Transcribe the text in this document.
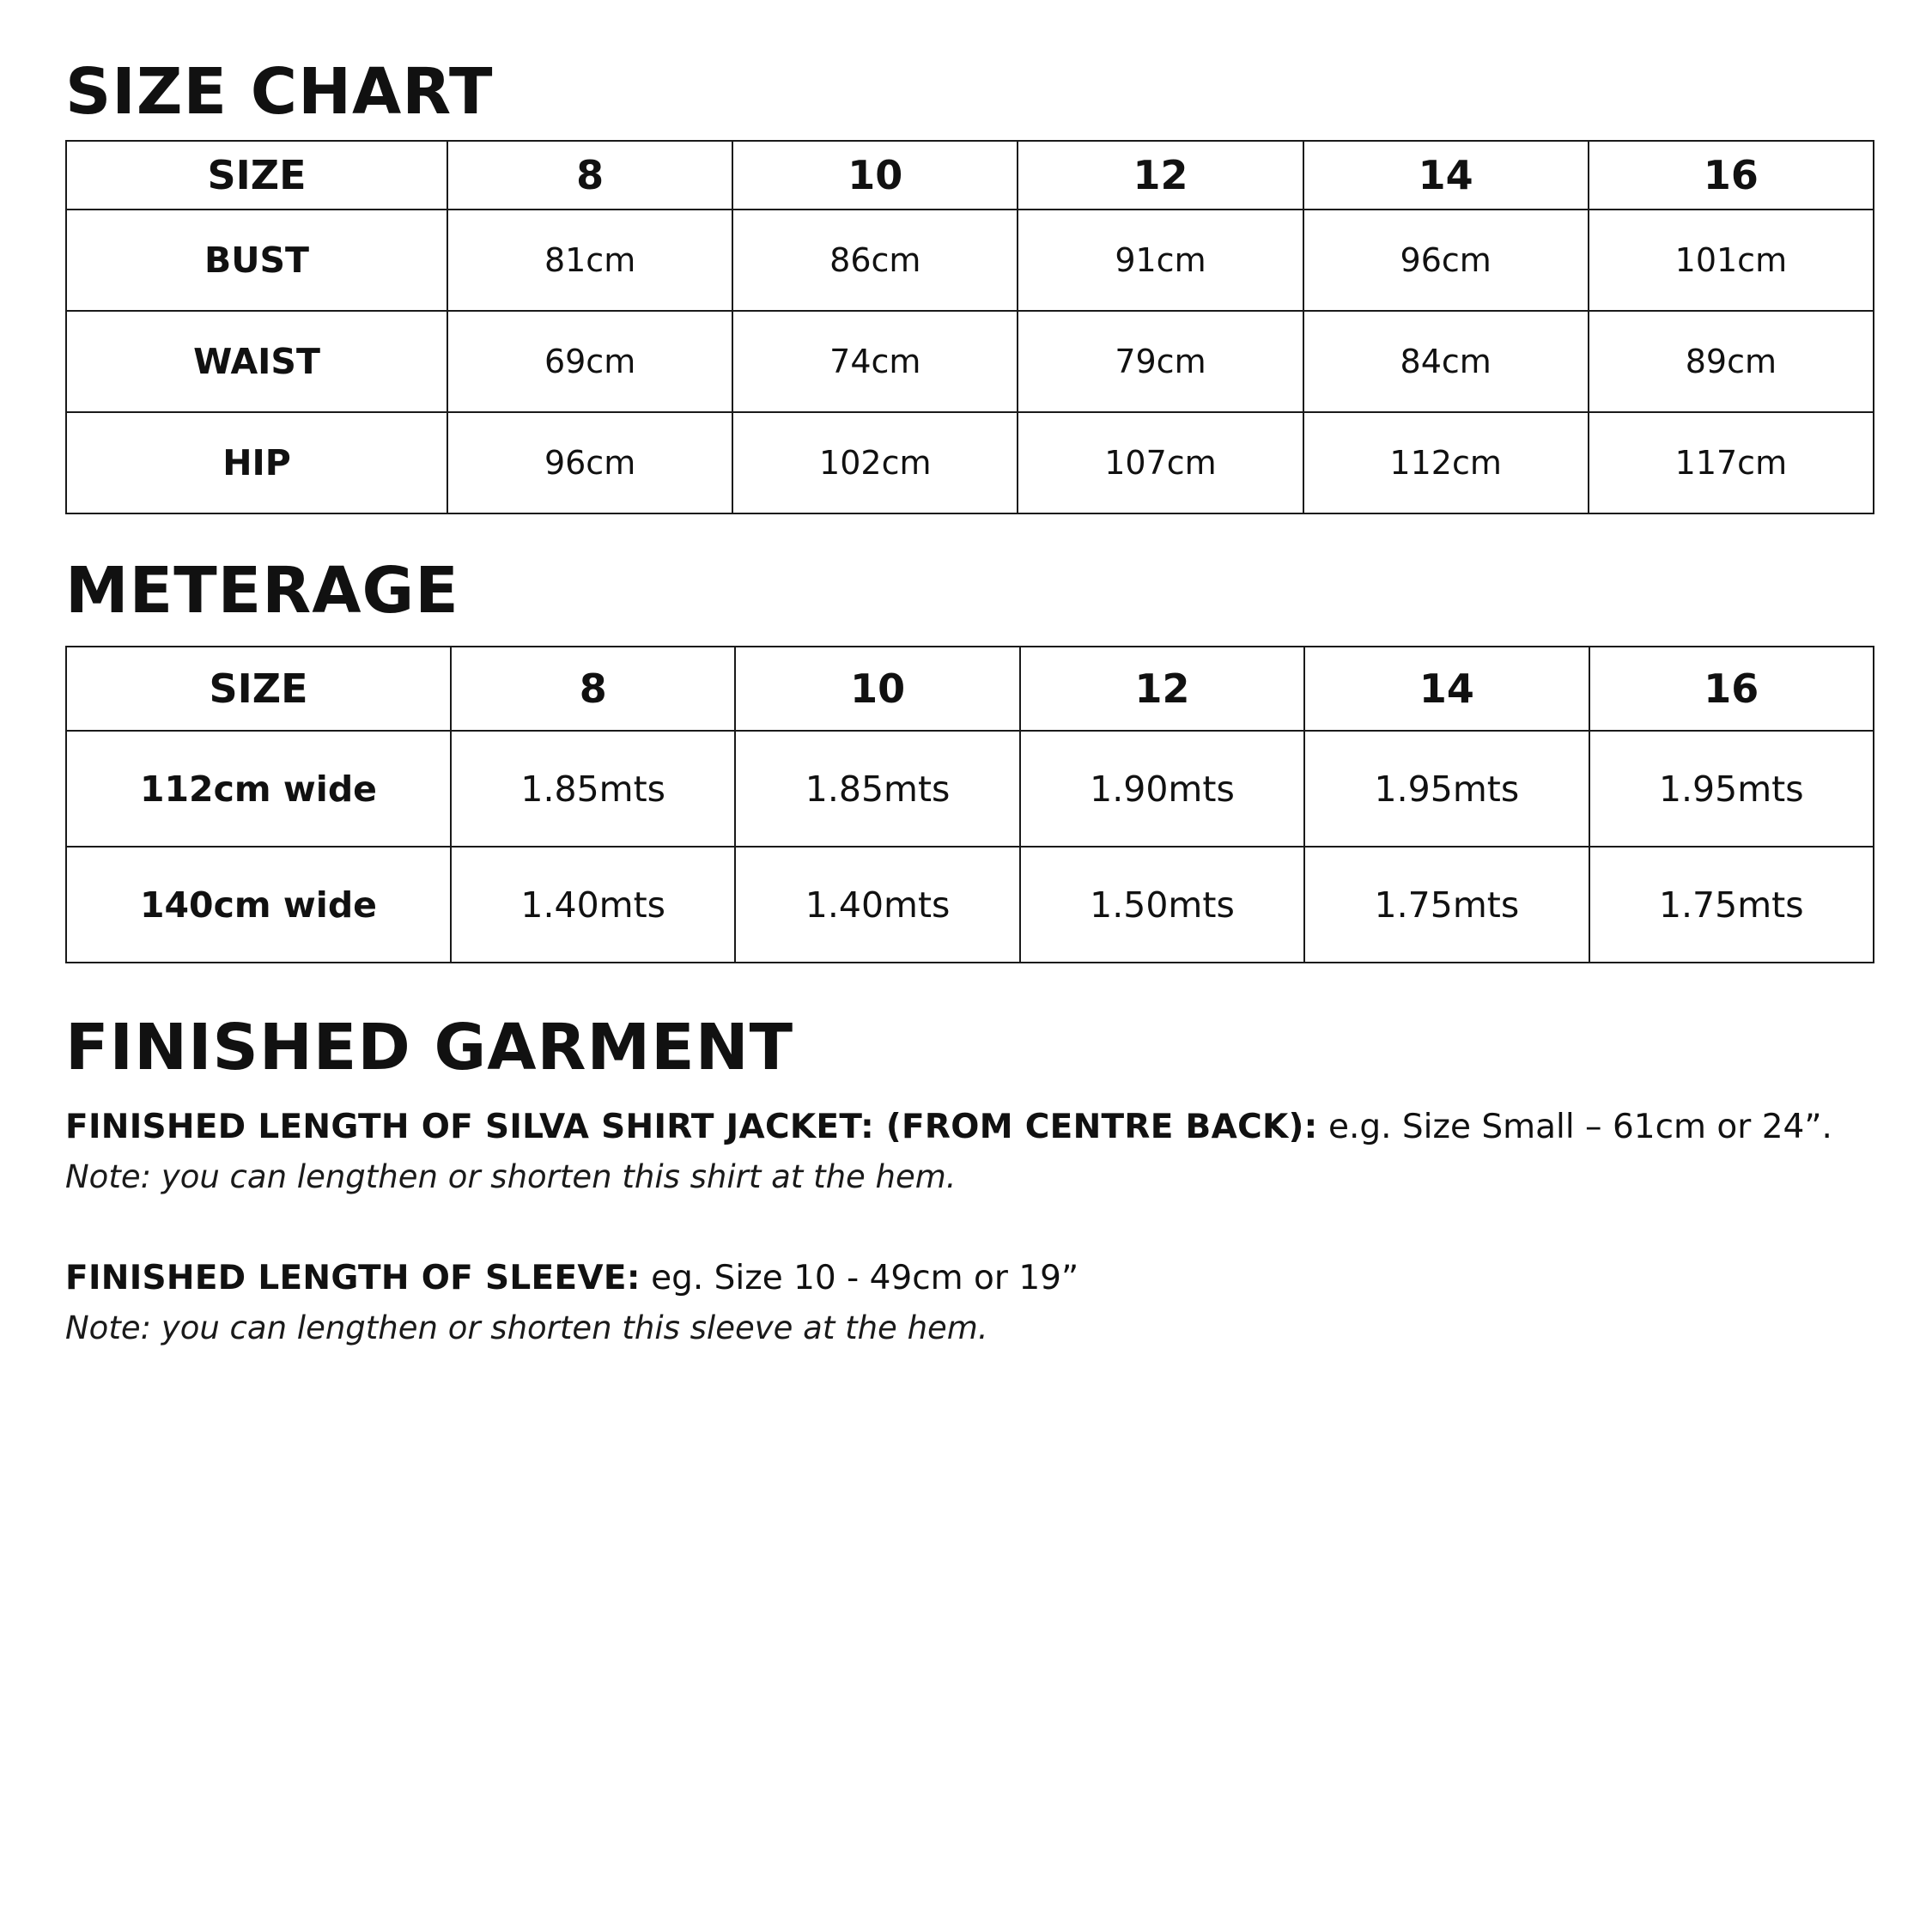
SIZE CHART
SIZE	8	10	12	14	16
BUST	81cm	86cm	91cm	96cm	101cm
WAIST	69cm	74cm	79cm	84cm	89cm
HIP	96cm	102cm	107cm	112cm	117cm
METERAGE
SIZE	8	10	12	14	16
112cm wide	1.85mts	1.85mts	1.90mts	1.95mts	1.95mts
140cm wide	1.40mts	1.40mts	1.50mts	1.75mts	1.75mts
FINISHED GARMENT
FINISHED LENGTH OF SILVA SHIRT JACKET: (FROM CENTRE BACK): e.g. Size Small – 61cm or 24”.
Note: you can lengthen or shorten this shirt at the hem.
FINISHED LENGTH OF SLEEVE: eg. Size 10 - 49cm or 19”
Note: you can lengthen or shorten this sleeve at the hem.
